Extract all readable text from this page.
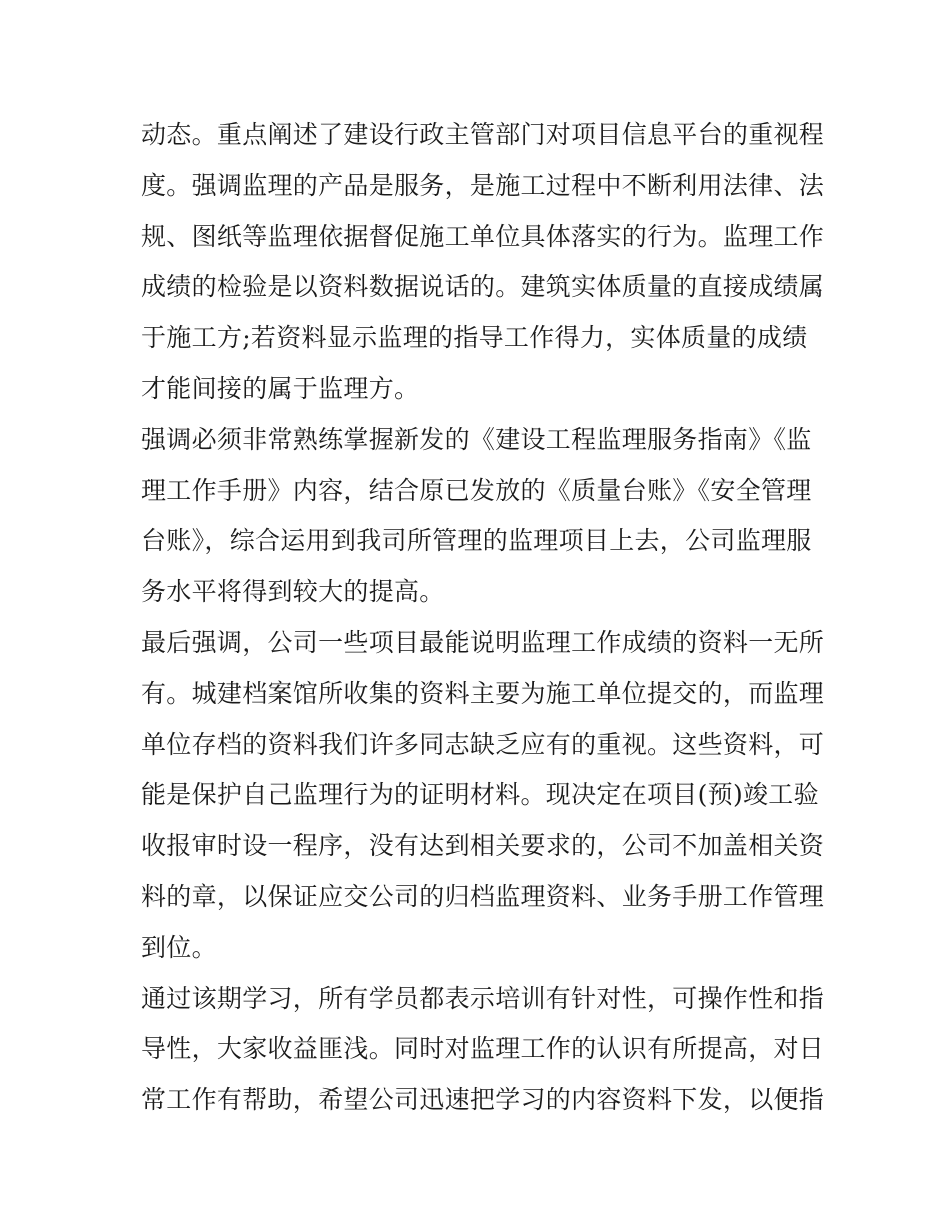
动态。重点阐述了建设行政主管部门对项目信息平台的重视程
度。强调监理的产品是服务，是施工过程中不断利用法律、法
规、图纸等监理依据督促施工单位具体落实的行为。监理工作
成绩的检验是以资料数据说话的。建筑实体质量的直接成绩属
于施工方;若资料显示监理的指导工作得力，实体质量的成绩
才能间接的属于监理方。
强调必须非常熟练掌握新发的《建设工程监理服务指南》《监
理工作手册》内容，结合原已发放的《质量台账》《安全管理
台账》，综合运用到我司所管理的监理项目上去，公司监理服
务水平将得到较大的提高。
最后强调，公司一些项目最能说明监理工作成绩的资料一无所
有。城建档案馆所收集的资料主要为施工单位提交的，而监理
单位存档的资料我们许多同志缺乏应有的重视。这些资料，可
能是保护自己监理行为的证明材料。现决定在项目(预)竣工验
收报审时设一程序，没有达到相关要求的，公司不加盖相关资
料的章，以保证应交公司的归档监理资料、业务手册工作管理
到位。
通过该期学习，所有学员都表示培训有针对性，可操作性和指
导性，大家收益匪浅。同时对监理工作的认识有所提高，对日
常工作有帮助，希望公司迅速把学习的内容资料下发，以便指
